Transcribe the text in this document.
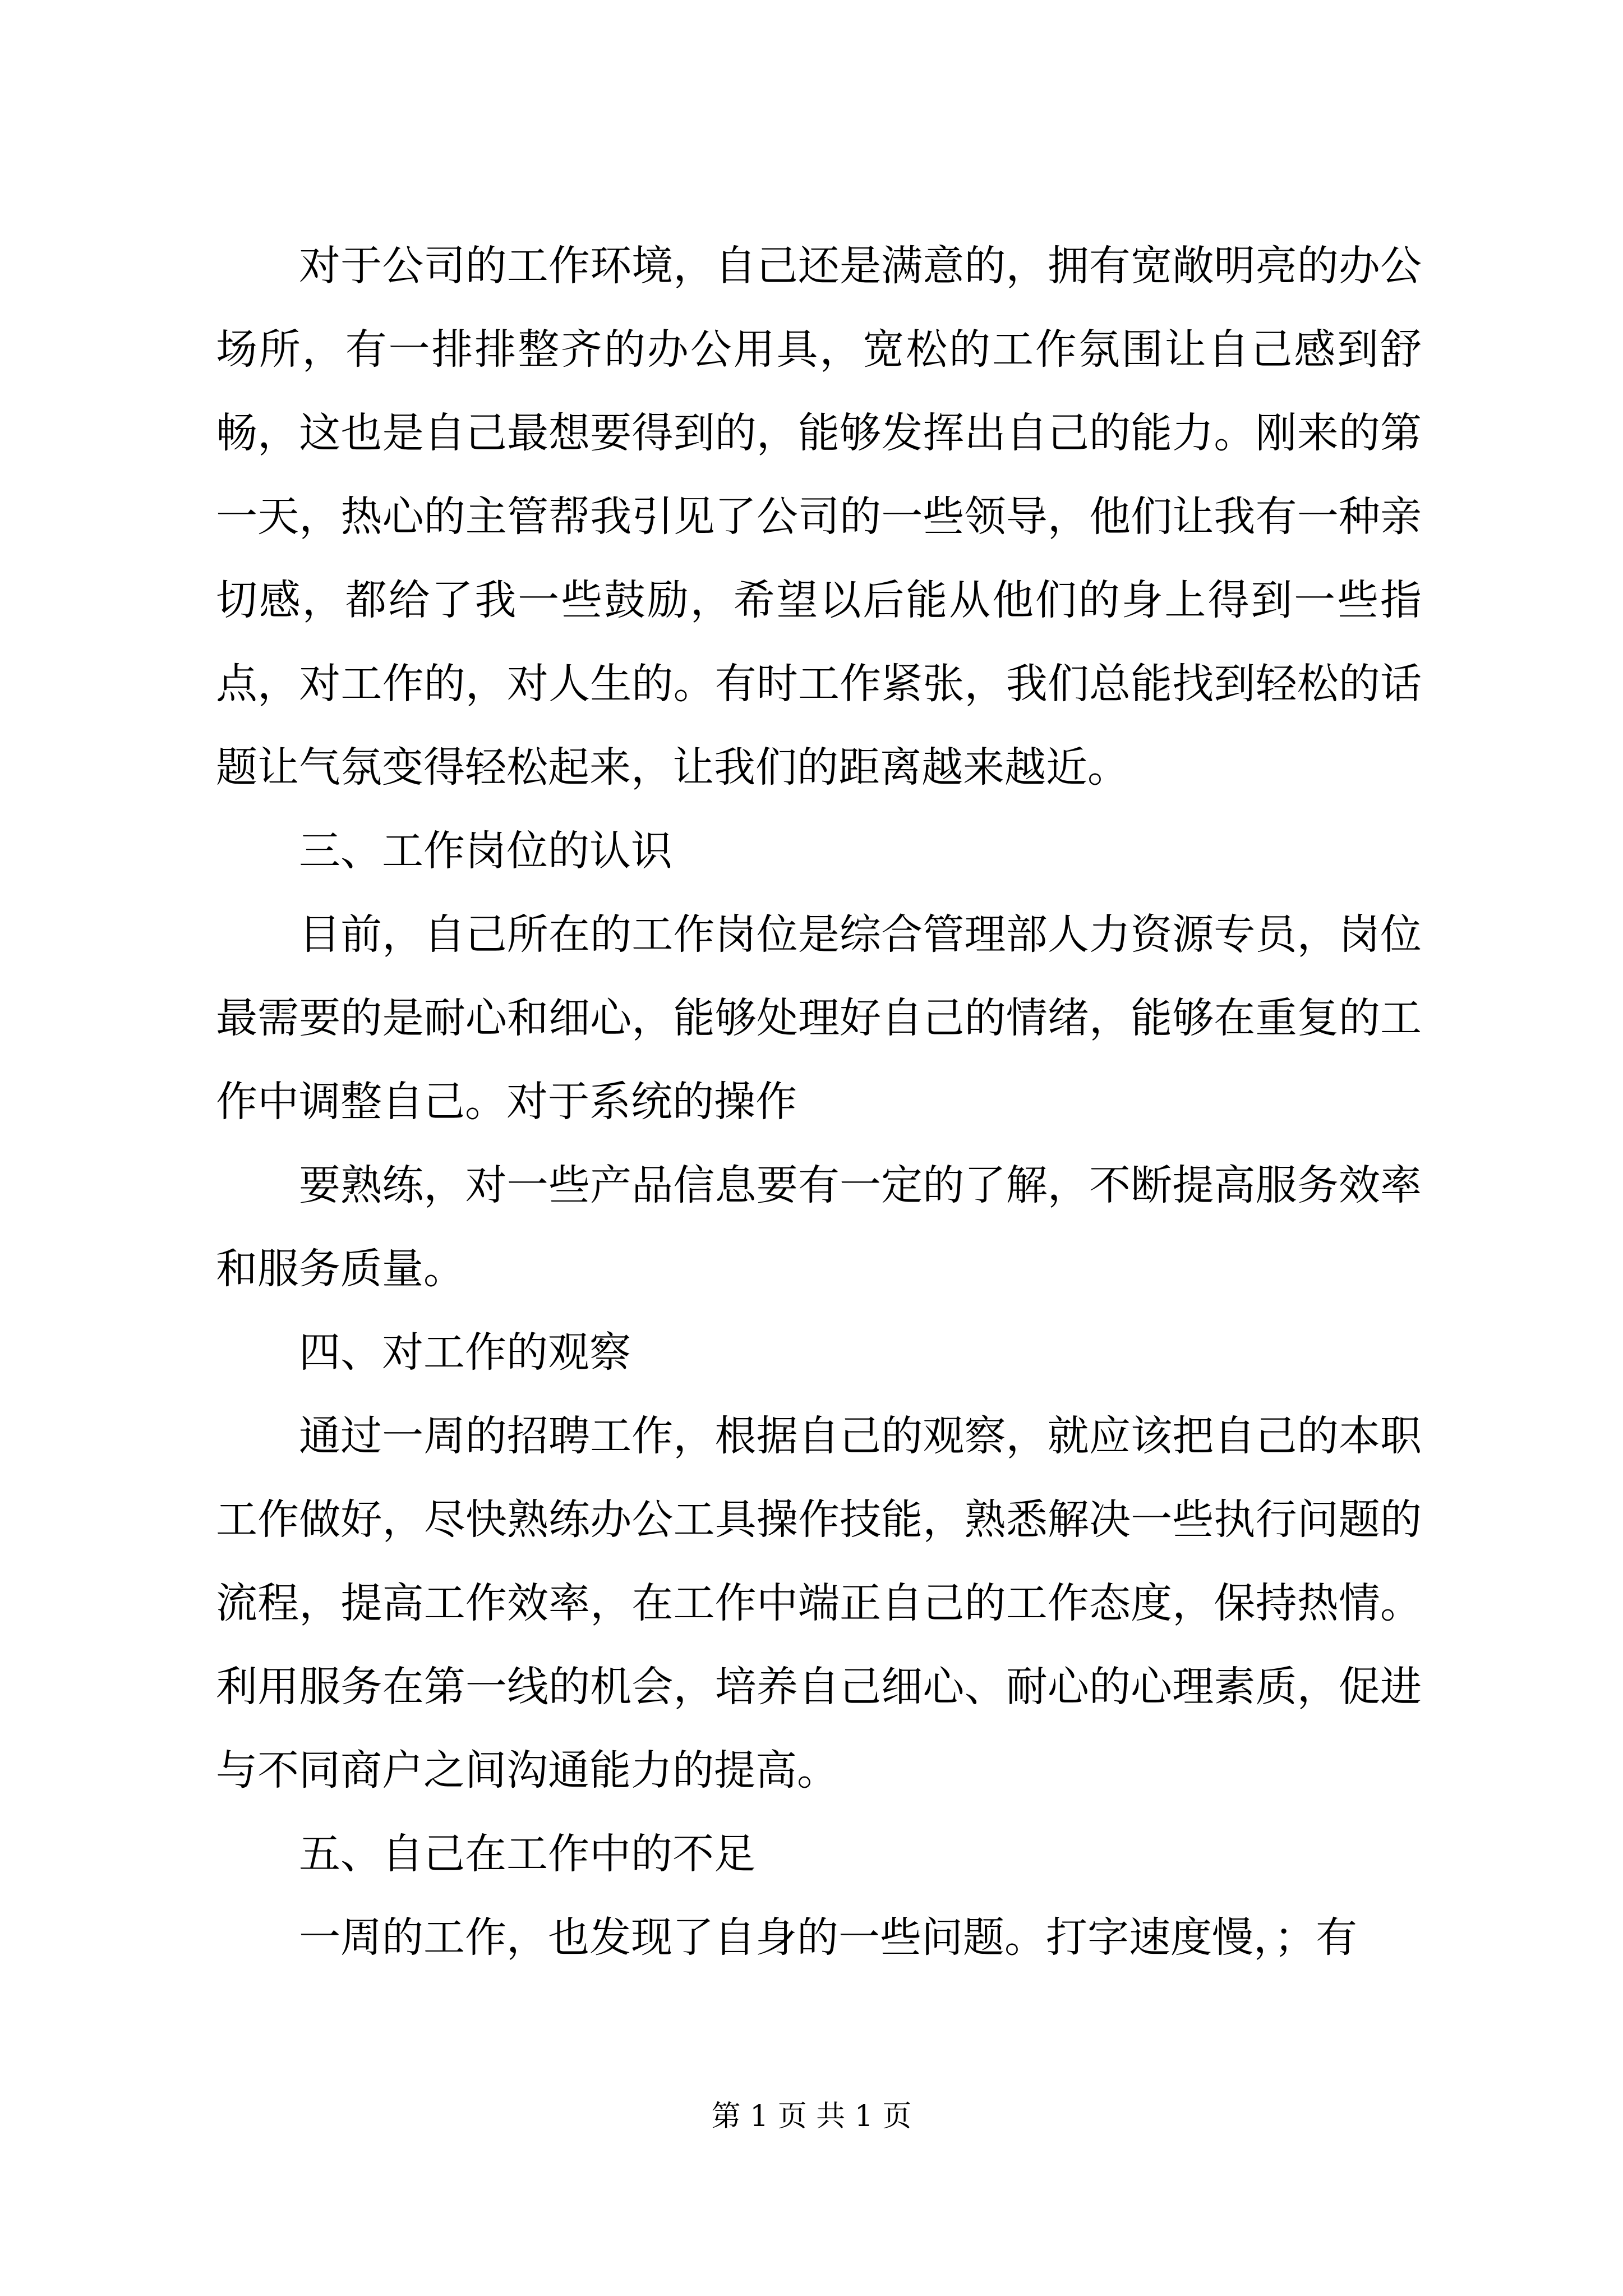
对于公司的工作环境，自己还是满意的，拥有宽敞明亮的办公场所，有一排排整齐的办公用具，宽松的工作氛围让自己感到舒畅，这也是自己最想要得到的，能够发挥出自己的能力。刚来的第一天，热心的主管帮我引见了公司的一些领导，他们让我有一种亲切感，都给了我一些鼓励，希望以后能从他们的身上得到一些指点，对工作的，对人生的。有时工作紧张，我们总能找到轻松的话题让气氛变得轻松起来，让我们的距离越来越近。

三、工作岗位的认识

目前，自己所在的工作岗位是综合管理部人力资源专员，岗位最需要的是耐心和细心，能够处理好自己的情绪，能够在重复的工作中调整自己。对于系统的操作

要熟练，对一些产品信息要有一定的了解，不断提高服务效率和服务质量。

四、对工作的观察

通过一周的招聘工作，根据自己的观察，就应该把自己的本职工作做好，尽快熟练办公工具操作技能，熟悉解决一些执行问题的流程，提高工作效率，在工作中端正自己的工作态度，保持热情。利用服务在第一线的机会，培养自己细心、耐心的心理素质，促进与不同商户之间沟通能力的提高。

五、自己在工作中的不足

一周的工作，也发现了自身的一些问题。打字速度慢，；有

第 1 页 共 1 页
